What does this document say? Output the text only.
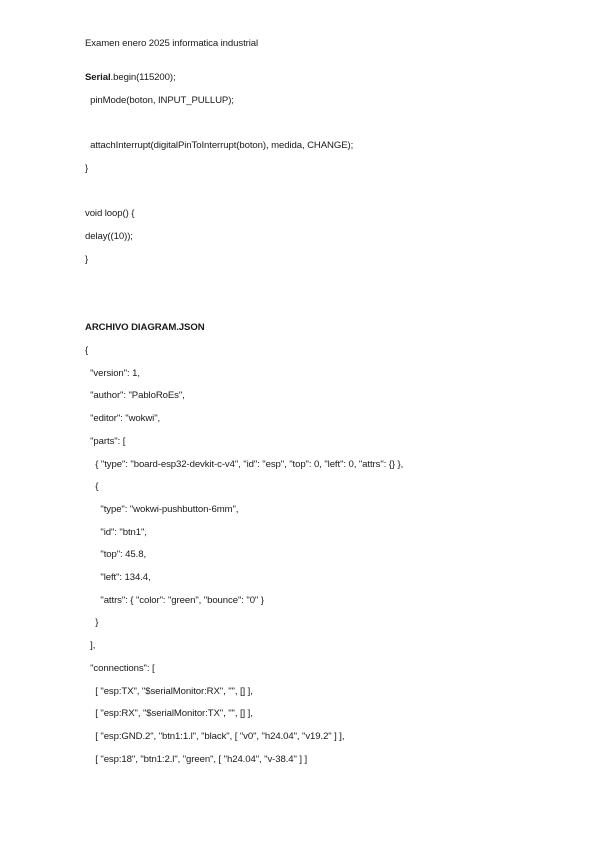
Examen enero 2025 informatica industrial
Serial.begin(115200);
pinMode(boton, INPUT_PULLUP);
attachInterrupt(digitalPinToInterrupt(boton), medida, CHANGE);
}
void loop() {
delay((10));
}
ARCHIVO DIAGRAM.JSON
{
"version": 1,
"author": "PabloRoEs",
"editor": "wokwi",
"parts": [
{ "type": "board-esp32-devkit-c-v4", "id": "esp", "top": 0, "left": 0, "attrs": {} },
{
"type": "wokwi-pushbutton-6mm",
"id": "btn1",
"top": 45.8,
"left": 134.4,
"attrs": { "color": "green", "bounce": "0" }
}
],
"connections": [
[ "esp:TX", "$serialMonitor:RX", "", [] ],
[ "esp:RX", "$serialMonitor:TX", "", [] ],
[ "esp:GND.2", "btn1:1.l", "black", [ "v0", "h24.04", "v19.2" ] ],
[ "esp:18", "btn1:2.l", "green", [ "h24.04", "v-38.4" ] ]
